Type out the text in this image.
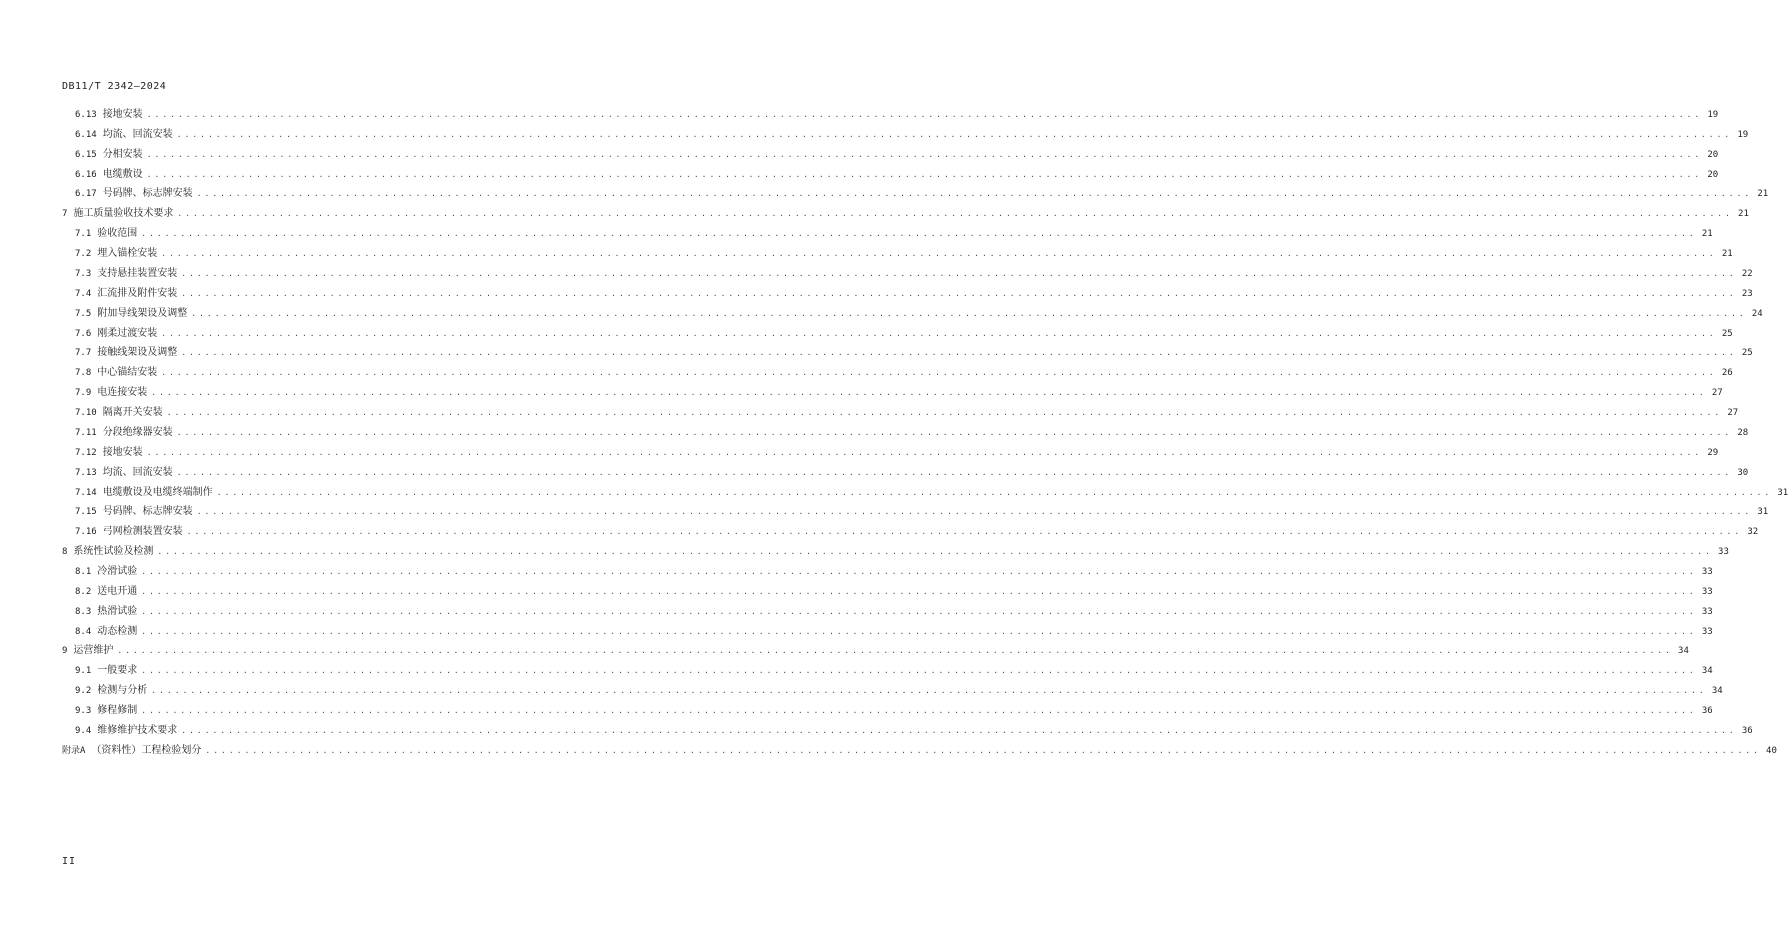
DB11/T 2342—2024
6.13 接地安装 ....................................................................................................................................................................................................... 19
6.14 均流、回流安装 ....................................................................................................................................................................................................... 19
6.15 分相安装 ....................................................................................................................................................................................................... 20
6.16 电缆敷设 ....................................................................................................................................................................................................... 20
6.17 号码牌、标志牌安装 ....................................................................................................................................................................................................... 21
7 施工质量验收技术要求 ....................................................................................................................................................................................................... 21
7.1 验收范围 ....................................................................................................................................................................................................... 21
7.2 埋入锚栓安装 ....................................................................................................................................................................................................... 21
7.3 支持悬挂装置安装 ....................................................................................................................................................................................................... 22
7.4 汇流排及附件安装 ....................................................................................................................................................................................................... 23
7.5 附加导线架设及调整 ....................................................................................................................................................................................................... 24
7.6 刚柔过渡安装 ....................................................................................................................................................................................................... 25
7.7 接触线架设及调整 ....................................................................................................................................................................................................... 25
7.8 中心锚结安装 ....................................................................................................................................................................................................... 26
7.9 电连接安装 ....................................................................................................................................................................................................... 27
7.10 隔离开关安装 ....................................................................................................................................................................................................... 27
7.11 分段绝缘器安装 ....................................................................................................................................................................................................... 28
7.12 接地安装 ....................................................................................................................................................................................................... 29
7.13 均流、回流安装 ....................................................................................................................................................................................................... 30
7.14 电缆敷设及电缆终端制作 ....................................................................................................................................................................................................... 31
7.15 号码牌、标志牌安装 ....................................................................................................................................................................................................... 31
7.16 弓网检测装置安装 ....................................................................................................................................................................................................... 32
8 系统性试验及检测 ....................................................................................................................................................................................................... 33
8.1 冷滑试验 ....................................................................................................................................................................................................... 33
8.2 送电开通 ....................................................................................................................................................................................................... 33
8.3 热滑试验 ....................................................................................................................................................................................................... 33
8.4 动态检测 ....................................................................................................................................................................................................... 33
9 运营维护 ....................................................................................................................................................................................................... 34
9.1 一般要求 ....................................................................................................................................................................................................... 34
9.2 检测与分析 ....................................................................................................................................................................................................... 34
9.3 修程修制 ....................................................................................................................................................................................................... 36
9.4 维修维护技术要求 ....................................................................................................................................................................................................... 36
附录A （资料性）工程检验划分 ....................................................................................................................................................................................................... 40
II
